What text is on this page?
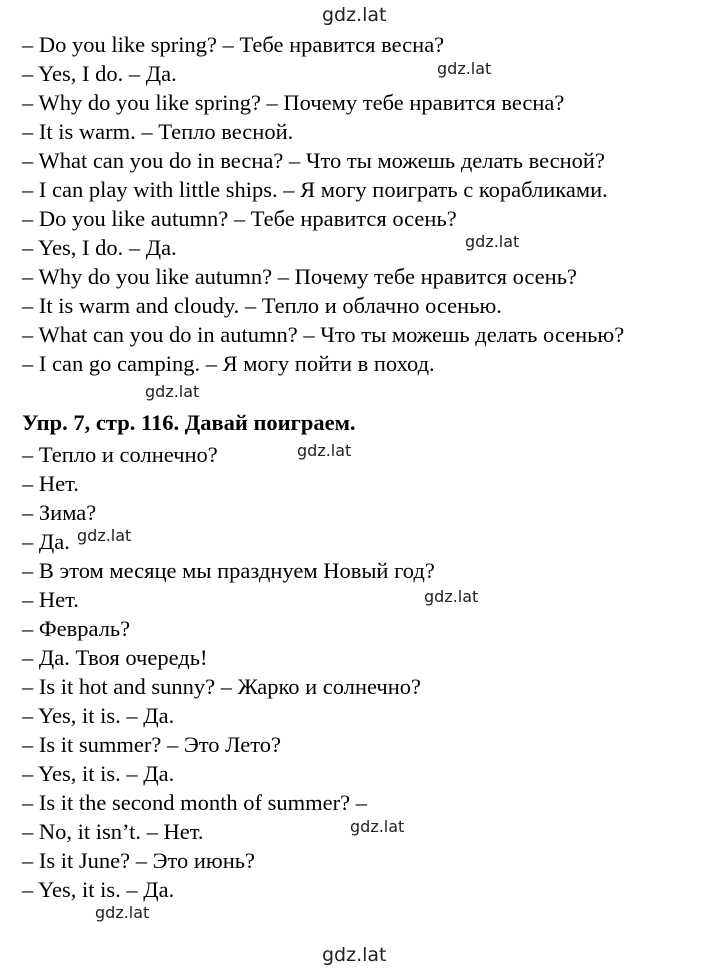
gdz.lat
gdz.lat
gdz.lat
gdz.lat
gdz.lat
gdz.lat
gdz.lat
gdz.lat
gdz.lat
gdz.lat
– Do you like spring? – Тебе нравится весна?
– Yes, I do. – Да.
– Why do you like spring? – Почему тебе нравится весна?
– It is warm. – Тепло весной.
– What can you do in весна? – Что ты можешь делать весной?
– I can play with little ships. – Я могу поиграть с корабликами.
– Do you like autumn? – Тебе нравится осень?
– Yes, I do. – Да.
– Why do you like autumn? – Почему тебе нравится осень?
– It is warm and cloudy. – Тепло и облачно осенью.
– What can you do in autumn? – Что ты можешь делать осенью?
– I can go camping. – Я могу пойти в поход.
Упр. 7, стр. 116. Давай поиграем.
– Тепло и солнечно?
– Нет.
– Зима?
– Да.
– В этом месяце мы празднуем Новый год?
– Нет.
– Февраль?
– Да. Твоя очередь!
– Is it hot and sunny? – Жарко и солнечно?
– Yes, it is. – Да.
– Is it summer? – Это Лето?
– Yes, it is. – Да.
– Is it the second month of summer? –
– No, it isn’t. – Нет.
– Is it June? – Это июнь?
– Yes, it is. – Да.
